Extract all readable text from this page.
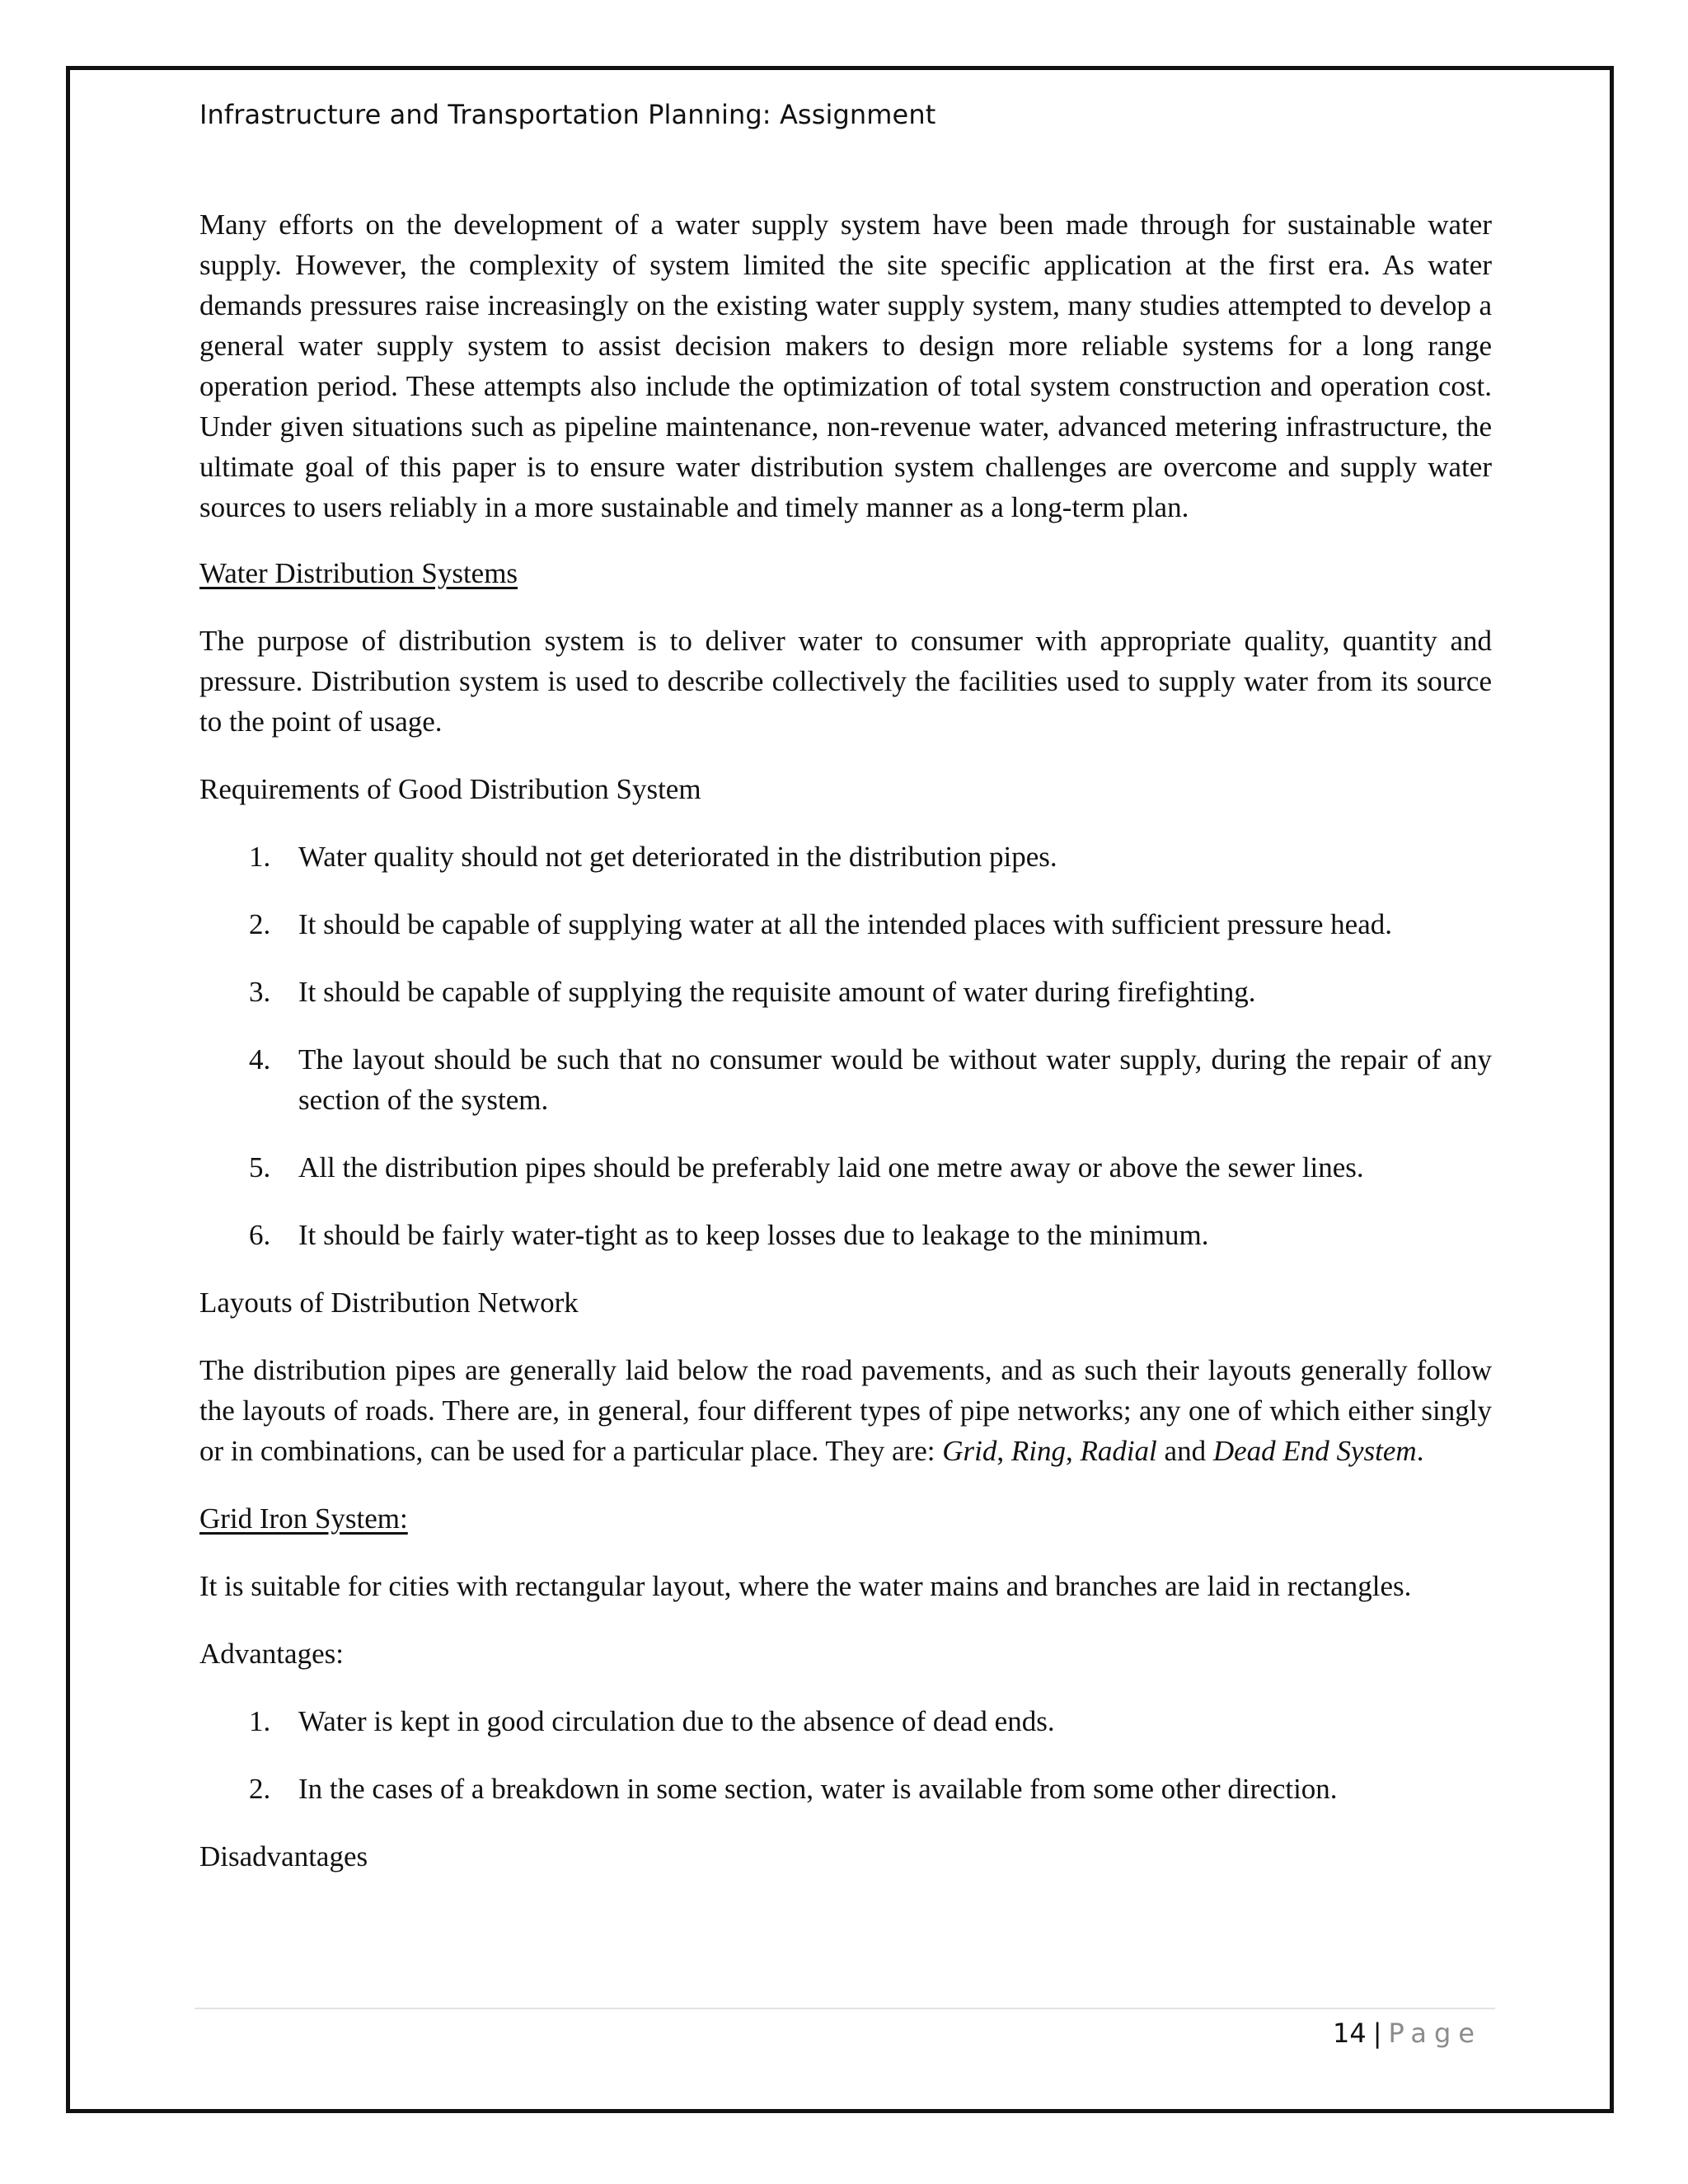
Infrastructure and Transportation Planning: Assignment

Many efforts on the development of a water supply system have been made through for sustainable water supply. However, the complexity of system limited the site specific application at the first era. As water demands pressures raise increasingly on the existing water supply system, many studies attempted to develop a general water supply system to assist decision makers to design more reliable systems for a long range operation period. These attempts also include the optimization of total system construction and operation cost. Under given situations such as pipeline maintenance, non-revenue water, advanced metering infrastructure, the ultimate goal of this paper is to ensure water distribution system challenges are overcome and supply water sources to users reliably in a more sustainable and timely manner as a long-term plan.

Water Distribution Systems

The purpose of distribution system is to deliver water to consumer with appropriate quality, quantity and pressure. Distribution system is used to describe collectively the facilities used to supply water from its source to the point of usage.

Requirements of Good Distribution System

1. Water quality should not get deteriorated in the distribution pipes.
2. It should be capable of supplying water at all the intended places with sufficient pressure head.
3. It should be capable of supplying the requisite amount of water during firefighting.
4. The layout should be such that no consumer would be without water supply, during the repair of any section of the system.
5. All the distribution pipes should be preferably laid one metre away or above the sewer lines.
6. It should be fairly water-tight as to keep losses due to leakage to the minimum.

Layouts of Distribution Network

The distribution pipes are generally laid below the road pavements, and as such their layouts generally follow the layouts of roads. There are, in general, four different types of pipe networks; any one of which either singly or in combinations, can be used for a particular place. They are: Grid, Ring, Radial and Dead End System.

Grid Iron System:

It is suitable for cities with rectangular layout, where the water mains and branches are laid in rectangles.

Advantages:

1. Water is kept in good circulation due to the absence of dead ends.
2. In the cases of a breakdown in some section, water is available from some other direction.

Disadvantages

14 | Page
